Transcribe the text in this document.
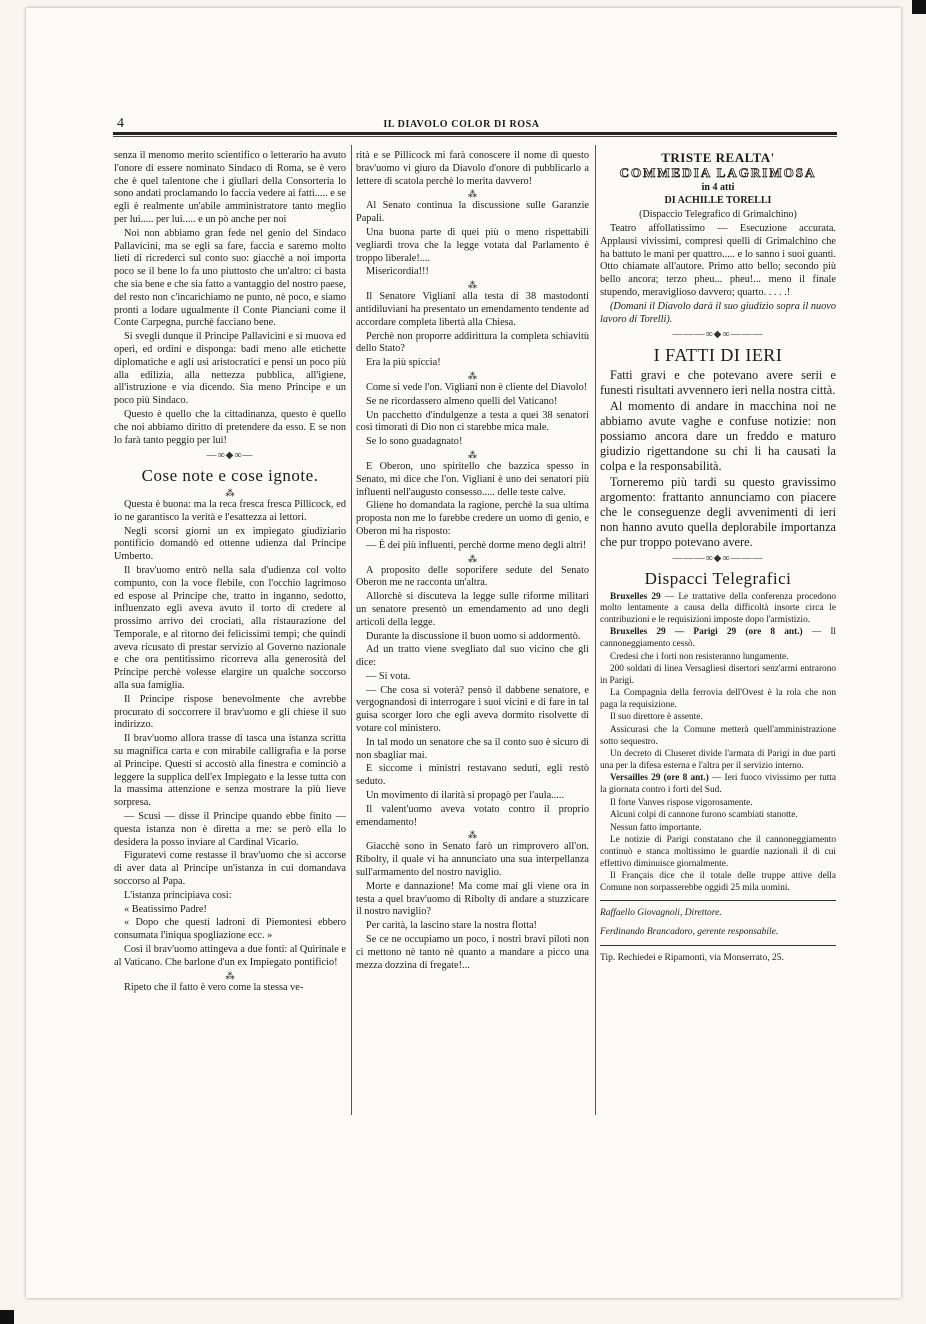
4	IL DIAVOLO COLOR DI ROSA

senza il menomo merito scientifico o letterario ha avuto l'onore di essere nominato Sindaco di Roma, se è vero che è quel talentone che i giullari della Consorteria lo sono andati proclamando lo faccia vedere ai fatti..... e se egli è realmente un'abile amministratore tanto meglio per lui..... per lui..... e un pò anche per noi

Noi non abbiamo gran fede nel genio del Sindaco Pallavicini, ma se egli sa fare, faccia e saremo molto lieti di ricrederci sul conto suo: giacchè a noi importa poco se il bene lo fa uno piuttosto che un'altro: ci basta che sia bene e che sia fatto a vantaggio del nostro paese, del resto non c'incarichiamo ne punto, nè poco, e siamo pronti a lodare ugualmente il Conte Pianciani come il Conte Carpegna, purchè facciano bene.

Si svegli dunque il Principe Pallavicini e si muova ed operi, ed ordini e disponga: badi meno alle etichette diplomatiche e agli usi aristocratici e pensi un poco più alla edilizia, alla nettezza pubblica, all'igiene, all'istruzione e via dicendo. Sia meno Principe e un poco più Sindaco.

Questo è quello che la cittadinanza, questo è quello che noi abbiamo diritto di pretendere da esso. E se non lo farà tanto peggio per lui!

—∞◆∞—
Cose note e cose ignote.
⁂

Questa è buona: ma la reca fresca fresca Pillicock, ed io ne garantisco la verità e l'esattezza ai lettori.

Negli scorsi giorni un ex impiegato giudiziario pontificio domandò ed ottenne udienza dal Principe Umberto.

Il brav'uomo entrò nella sala d'udienza col volto compunto, con la voce flebile, con l'occhio lagrimoso ed espose al Principe che, tratto in inganno, sedotto, influenzato egli aveva avuto il torto di credere al prossimo arrivo dei crociati, alla ristaurazione del Temporale, e al ritorno dei felicissimi tempi; che quindi aveva ricusato di prestar servizio al Governo nazionale e che ora pentitissimo ricorreva alla generosità del Principe perchè volesse elargire un qualche soccorso alla sua famiglia.

Il Principe rispose benevolmente che avrebbe procurato di soccorrere il brav'uomo e gli chiese il suo indirizzo.

Il brav'uomo allora trasse di tasca una istanza scritta su magnifica carta e con mirabile calligrafia e la porse al Principe. Questi si accostò alla finestra e cominciò a leggere la supplica dell'ex Impiegato e la lesse tutta con la massima attenzione e senza mostrare la più lieve sorpresa.

— Scusi — disse il Principe quando ebbe finito — questa istanza non è diretta a me: se però ella lo desidera la posso inviare al Cardinal Vicario.

Figuratevi come restasse il brav'uomo che si accorse di aver data al Principe un'istanza in cui domandava soccorso al Papa.

L'istanza principiava così:

« Beatissimo Padre!

« Dopo che questi ladroni di Piemontesi ebbero consumata l'iniqua spogliazione ecc. »

Così il brav'uomo attingeva a due fonti: al Quirinale e al Vaticano. Che barlone d'un ex Impiegato pontificio!

⁂

Ripeto che il fatto è vero come la stessa ve-

rità e se Pillicock mi farà conoscere il nome di questo brav'uomo vi giuro da Diavolo d'onore di pubblicarlo a lettere di scatola perchè lo merita davvero!

⁂

Al Senato continua la discussione sulle Garanzie Papali.

Una buona parte di quei più o meno rispettabili vegliardi trova che la legge votata dal Parlamento è troppo liberale!....

Misericordia!!!

⁂

Il Senatore Vigliani alla testa di 38 mastodonti antidiluviani ha presentato un emendamento tendente ad accordare completa libertà alla Chiesa.

Perchè non proporre addirittura la completa schiavitù dello Stato?

Era la più spiccia!

⁂

Come si vede l'on. Vigliani non è cliente del Diavolo!

Se ne ricordassero almeno quelli del Vaticano!

Un pacchetto d'indulgenze a testa a quei 38 senatori così timorati di Dio non ci starebbe mica male.

Se lo sono guadagnato!

⁂

E Oberon, uno spiritello che bazzica spesso in Senato, mi dice che l'on. Vigliani è uno dei senatori più influenti nell'augusto consesso..... delle teste calve.

Gliene ho domandata la ragione, perchè la sua ultima proposta non me lo farebbe credere un uomo di genio, e Oberon mi ha risposto:

— È dei più influenti, perchè dorme meno degli altri!

⁂

A proposito delle soporifere sedute del Senato Oberon me ne racconta un'altra.

Allorchè si discuteva la legge sulle riforme militari un senatore presentò un emendamento ad uno degli articoli della legge.

Durante la discussione il buon uomo si addormentò.

Ad un tratto viene svegliato dal suo vicino che gli dice:

— Si vota.

— Che cosa si voterà? pensò il dabbene senatore, e vergognandosi di interrogare i suoi vicini e di fare in tal guisa scorger loro che egli aveva dormito risolvette di votare col ministero.

In tal modo un senatore che sa il conto suo è sicuro di non sbagliar mai.

E siccome i ministri restavano seduti, egli restò seduto.

Un movimento di ilarità si propagò per l'aula.....

Il valent'uomo aveva votato contro il proprio emendamento!

⁂

Giacchè sono in Senato farò un rimprovero all'on. Ribolty, il quale vi ha annunciato una sua interpellanza sull'armamento del nostro naviglio.

Morte e dannazione! Ma come mai gli viene ora in testa a quel brav'uomo di Ribolty di andare a stuzzicare il nostro naviglio?

Per carità, la lascino stare la nostra flotta!

Se ce ne occupiamo un poco, i nostri bravi piloti non ci mettono nè tanto nè quanto a mandare a picco una mezza dozzina di fregate!...

TRISTE REALTA'
COMMEDIA LAGRIMOSA
in 4 atti
DI ACHILLE TORELLI
(Dispaccio Telegrafico di Grimalchino)

Teatro affollatissimo — Esecuzione accurata. Applausi vivissimi, compresi quelli di Grimalchino che ha battuto le mani per quattro..... e lo sanno i suoi guanti. Otto chiamate all'autore. Primo atto bello; secondo più bello ancora; terzo pheu... pheu!... meno il finale stupendo, meraviglioso davvero; quarto. . . . .!

(Domani il Diavolo darà il suo giudizio sopra il nuovo lavoro di Torelli).

———∞◆∞———
I FATTI DI IERI

Fatti gravi e che potevano avere serii e funesti risultati avvennero ieri nella nostra città.

Al momento di andare in macchina noi ne abbiamo avute vaghe e confuse notizie: non possiamo ancora dare un freddo e maturo giudizio rigettandone su chi li ha causati la colpa e la responsabilità.

Torneremo più tardi su questo gravissimo argomento: frattanto annunciamo con piacere che le conseguenze degli avvenimenti di ieri non hanno avuto quella deplorabile importanza che pur troppo potevano avere.

———∞◆∞———
Dispacci Telegrafici

Bruxelles 29 — Le trattative della conferenza procedono molto lentamente a causa della difficoltà insorte circa le contribuzioni e le requisizioni imposte dopo l'armistizio.

Bruxelles 29 — Parigi 29 (ore 8 ant.) — Il cannoneggiamento cessò.

Credesi che i forti non resisteranno lungamente.

200 soldati di linea Versagliesi disertori senz'armi entrarono in Parigi.

La Compagnia della ferrovia dell'Ovest è la rola che non paga la requisizione.

Il suo direttore è assente.

Assicurasi che la Comune metterà quell'amministrazione sotto sequestro.

Un decreto di Cluseret divide l'armata di Parigi in due parti una per la difesa esterna e l'altra per il servizio interno.

Versailles 29 (ore 8 ant.) — Ieri fuoco vivissimo per tutta la giornata contro i forti del Sud.

Il forte Vanves rispose vigorosamente.

Alcuni colpi di cannone furono scambiati stanotte.

Nessun fatto importante.

Le notizie di Parigi constatano che il cannoneggiamento continuò e stanca moltissimo le guardie nazionali il di cui effettivo diminuisce giornalmente.

Il Français dice che il totale delle truppe attive della Comune non sorpasserebbe oggidì 25 mila uomini.

Raffaello Giovagnoli, Direttore.
Ferdinando Brancadoro, gerente responsabile.
Tip. Rechiedei e Ripamonti, via Monserrato, 25.
